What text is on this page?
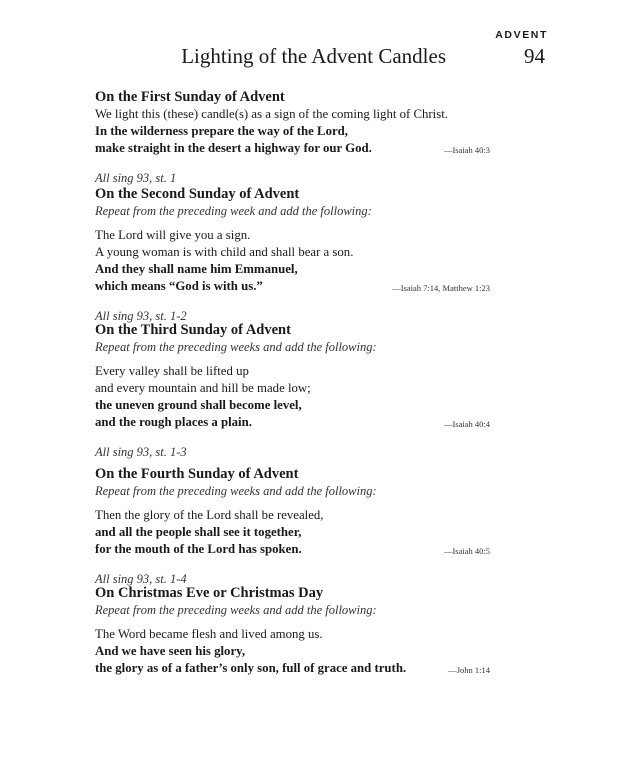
ADVENT
Lighting of the Advent Candles	94
On the First Sunday of Advent
We light this (these) candle(s) as a sign of the coming light of Christ.
In the wilderness prepare the way of the Lord,
make straight in the desert a highway for our God.	—Isaiah 40:3
All sing 93, st. 1
On the Second Sunday of Advent
Repeat from the preceding week and add the following:
The Lord will give you a sign.
A young woman is with child and shall bear a son.
And they shall name him Emmanuel,
which means “God is with us.”	—Isaiah 7:14, Matthew 1:23
All sing 93, st. 1-2
On the Third Sunday of Advent
Repeat from the preceding weeks and add the following:
Every valley shall be lifted up
and every mountain and hill be made low;
the uneven ground shall become level,
and the rough places a plain.	—Isaiah 40:4
All sing 93, st. 1-3
On the Fourth Sunday of Advent
Repeat from the preceding weeks and add the following:
Then the glory of the Lord shall be revealed,
and all the people shall see it together,
for the mouth of the Lord has spoken.	—Isaiah 40:5
All sing 93, st. 1-4
On Christmas Eve or Christmas Day
Repeat from the preceding weeks and add the following:
The Word became flesh and lived among us.
And we have seen his glory,
the glory as of a father’s only son, full of grace and truth.	—John 1:14
